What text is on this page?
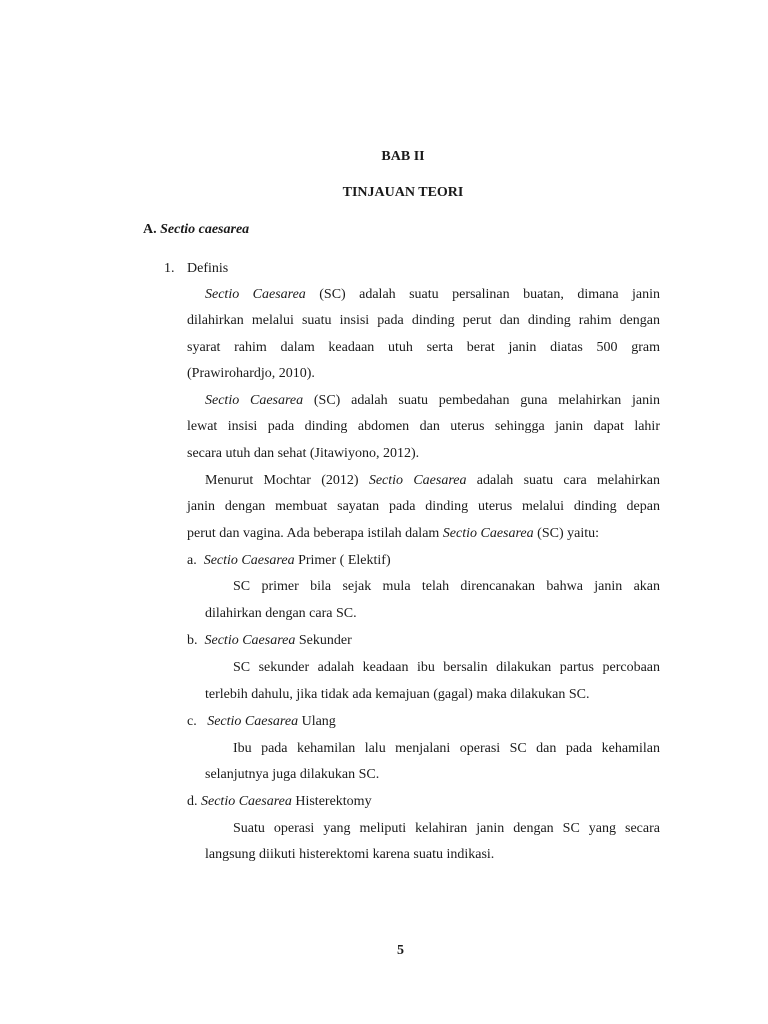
BAB II
TINJAUAN TEORI
A. Sectio caesarea
1. Definis
Sectio Caesarea (SC) adalah suatu persalinan buatan, dimana janin
dilahirkan melalui suatu insisi pada dinding perut dan dinding rahim dengan
syarat rahim dalam keadaan utuh serta berat janin diatas 500 gram
(Prawirohardjo, 2010).
Sectio Caesarea (SC) adalah suatu pembedahan guna melahirkan janin
lewat insisi pada dinding abdomen dan uterus sehingga janin dapat lahir
secara utuh dan sehat (Jitawiyono, 2012).
Menurut Mochtar (2012) Sectio Caesarea adalah suatu cara melahirkan
janin dengan membuat sayatan pada dinding uterus melalui dinding depan
perut dan vagina. Ada beberapa istilah dalam Sectio Caesarea (SC) yaitu:
a. Sectio Caesarea Primer ( Elektif)
SC primer bila sejak mula telah direncanakan bahwa janin akan
dilahirkan dengan cara SC.
b. Sectio Caesarea Sekunder
SC sekunder adalah keadaan ibu bersalin dilakukan partus percobaan
terlebih dahulu, jika tidak ada kemajuan (gagal) maka dilakukan SC.
c. Sectio Caesarea Ulang
Ibu pada kehamilan lalu menjalani operasi SC dan pada kehamilan
selanjutnya juga dilakukan SC.
d. Sectio Caesarea Histerektomy
Suatu operasi yang meliputi kelahiran janin dengan SC yang secara
langsung diikuti histerektomi karena suatu indikasi.
5
